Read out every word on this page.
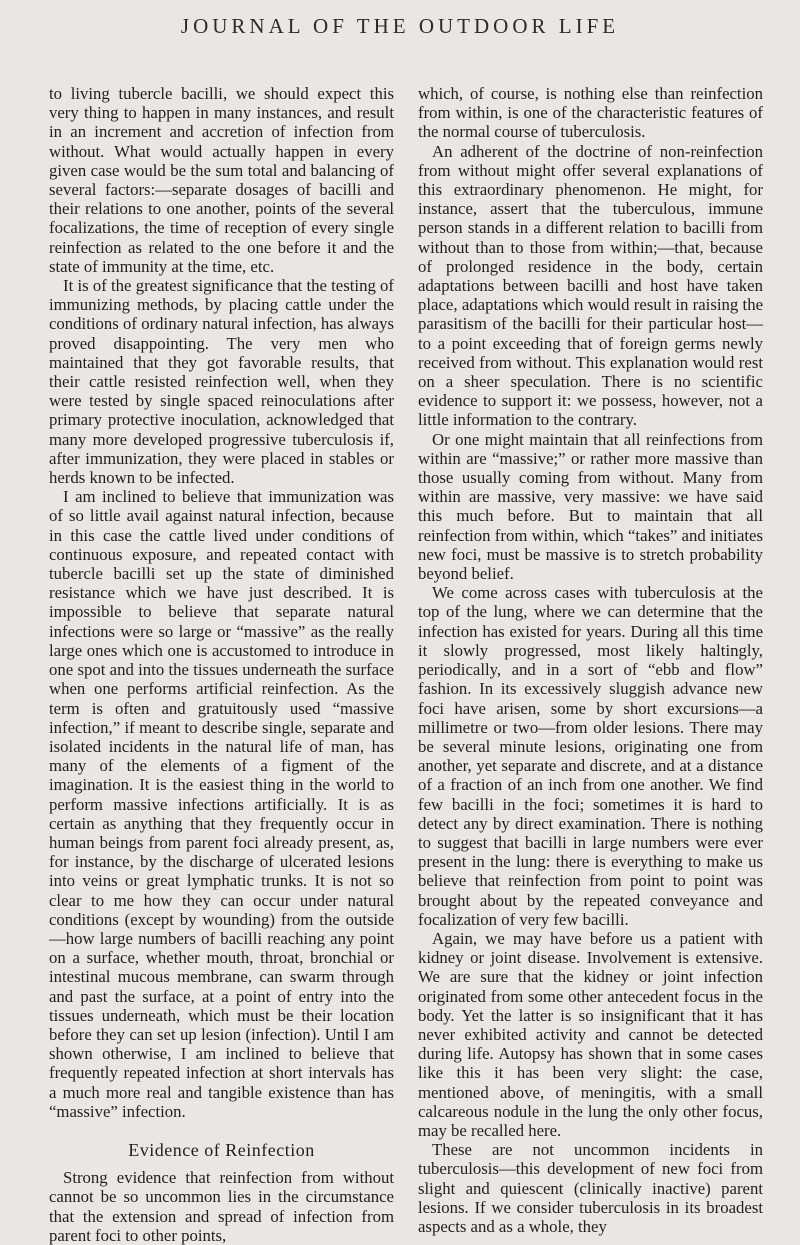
JOURNAL OF THE OUTDOOR LIFE

to living tubercle bacilli, we should expect this very thing to happen in many instances, and result in an increment and accretion of infection from without. What would actually happen in every given case would be the sum total and balancing of several factors:—separate dosages of bacilli and their relations to one another, points of the several focalizations, the time of reception of every single reinfection as related to the one before it and the state of immunity at the time, etc.

It is of the greatest significance that the testing of immunizing methods, by placing cattle under the conditions of ordinary natural infection, has always proved disappointing. The very men who maintained that they got favorable results, that their cattle resisted reinfection well, when they were tested by single spaced reinoculations after primary protective inoculation, acknowledged that many more developed progressive tuberculosis if, after immunization, they were placed in stables or herds known to be infected.

I am inclined to believe that immunization was of so little avail against natural infection, because in this case the cattle lived under conditions of continuous exposure, and repeated contact with tubercle bacilli set up the state of diminished resistance which we have just described. It is impossible to believe that separate natural infections were so large or “massive” as the really large ones which one is accustomed to introduce in one spot and into the tissues underneath the surface when one performs artificial reinfection. As the term is often and gratuitously used “massive infection,” if meant to describe single, separate and isolated incidents in the natural life of man, has many of the elements of a figment of the imagination. It is the easiest thing in the world to perform massive infections artificially. It is as certain as anything that they frequently occur in human beings from parent foci already present, as, for instance, by the discharge of ulcerated lesions into veins or great lymphatic trunks. It is not so clear to me how they can occur under natural conditions (except by wounding) from the outside—how large numbers of bacilli reaching any point on a surface, whether mouth, throat, bronchial or intestinal mucous membrane, can swarm through and past the surface, at a point of entry into the tissues underneath, which must be their location before they can set up lesion (infection). Until I am shown otherwise, I am inclined to believe that frequently repeated infection at short intervals has a much more real and tangible existence than has “massive” infection.

Evidence of Reinfection

Strong evidence that reinfection from without cannot be so uncommon lies in the circumstance that the extension and spread of infection from parent foci to other points,

which, of course, is nothing else than reinfection from within, is one of the characteristic features of the normal course of tuberculosis.

An adherent of the doctrine of non-reinfection from without might offer several explanations of this extraordinary phenomenon. He might, for instance, assert that the tuberculous, immune person stands in a different relation to bacilli from without than to those from within;—that, because of prolonged residence in the body, certain adaptations between bacilli and host have taken place, adaptations which would result in raising the parasitism of the bacilli for their particular host—to a point exceeding that of foreign germs newly received from without. This explanation would rest on a sheer speculation. There is no scientific evidence to support it: we possess, however, not a little information to the contrary.

Or one might maintain that all reinfections from within are “massive;” or rather more massive than those usually coming from without. Many from within are massive, very massive: we have said this much before. But to maintain that all reinfection from within, which “takes” and initiates new foci, must be massive is to stretch probability beyond belief.

We come across cases with tuberculosis at the top of the lung, where we can determine that the infection has existed for years. During all this time it slowly progressed, most likely haltingly, periodically, and in a sort of “ebb and flow” fashion. In its excessively sluggish advance new foci have arisen, some by short excursions—a millimetre or two—from older lesions. There may be several minute lesions, originating one from another, yet separate and discrete, and at a distance of a fraction of an inch from one another. We find few bacilli in the foci; sometimes it is hard to detect any by direct examination. There is nothing to suggest that bacilli in large numbers were ever present in the lung: there is everything to make us believe that reinfection from point to point was brought about by the repeated conveyance and focalization of very few bacilli.

Again, we may have before us a patient with kidney or joint disease. Involvement is extensive. We are sure that the kidney or joint infection originated from some other antecedent focus in the body. Yet the latter is so insignificant that it has never exhibited activity and cannot be detected during life. Autopsy has shown that in some cases like this it has been very slight: the case, mentioned above, of meningitis, with a small calcareous nodule in the lung the only other focus, may be recalled here.

These are not uncommon incidents in tuberculosis—this development of new foci from slight and quiescent (clinically inactive) parent lesions. If we consider tuberculosis in its broadest aspects and as a whole, they
